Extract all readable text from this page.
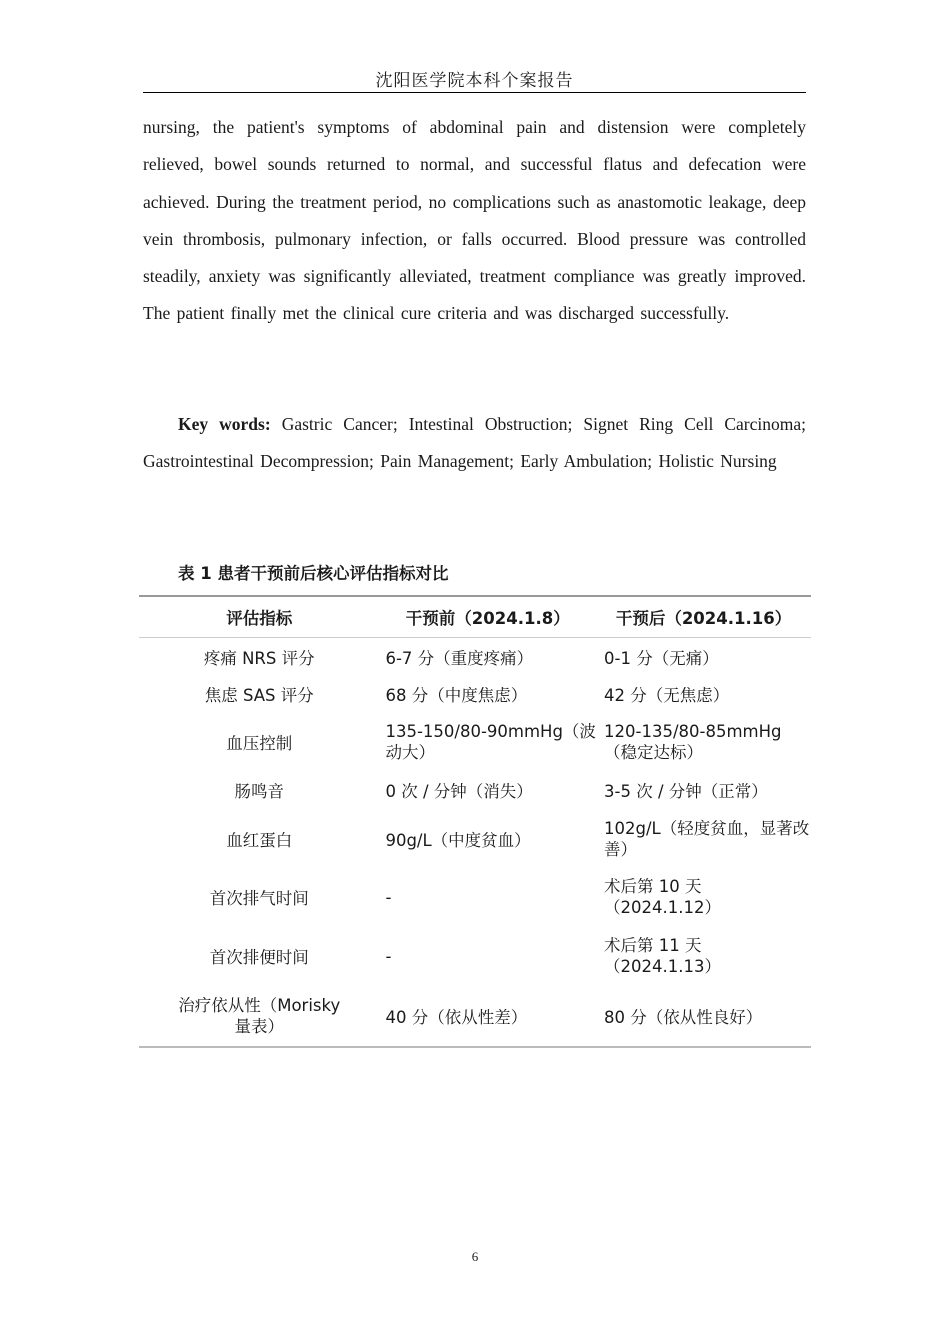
沈阳医学院本科个案报告

nursing, the patient's symptoms of abdominal pain and distension were completely relieved, bowel sounds returned to normal, and successful flatus and defecation were achieved. During the treatment period, no complications such as anastomotic leakage, deep vein thrombosis, pulmonary infection, or falls occurred. Blood pressure was controlled steadily, anxiety was significantly alleviated, treatment compliance was greatly improved. The patient finally met the clinical cure criteria and was discharged successfully.

Key words: Gastric Cancer; Intestinal Obstruction; Signet Ring Cell Carcinoma; Gastrointestinal Decompression; Pain Management; Early Ambulation; Holistic Nursing

表 1 患者干预前后核心评估指标对比
评估指标	干预前（2024.1.8）	干预后（2024.1.16）
疼痛 NRS 评分	6-7 分（重度疼痛）	0-1 分（无痛）
焦虑 SAS 评分	68 分（中度焦虑）	42 分（无焦虑）
血压控制	135-150/80-90mmHg（波动大）	120-135/80-85mmHg（稳定达标）
肠鸣音	0 次 / 分钟（消失）	3-5 次 / 分钟（正常）
血红蛋白	90g/L（中度贫血）	102g/L（轻度贫血，显著改善）
首次排气时间	-	术后第 10 天（2024.1.12）
首次排便时间	-	术后第 11 天（2024.1.13）
治疗依从性（Morisky 量表）	40 分（依从性差）	80 分（依从性良好）
6
